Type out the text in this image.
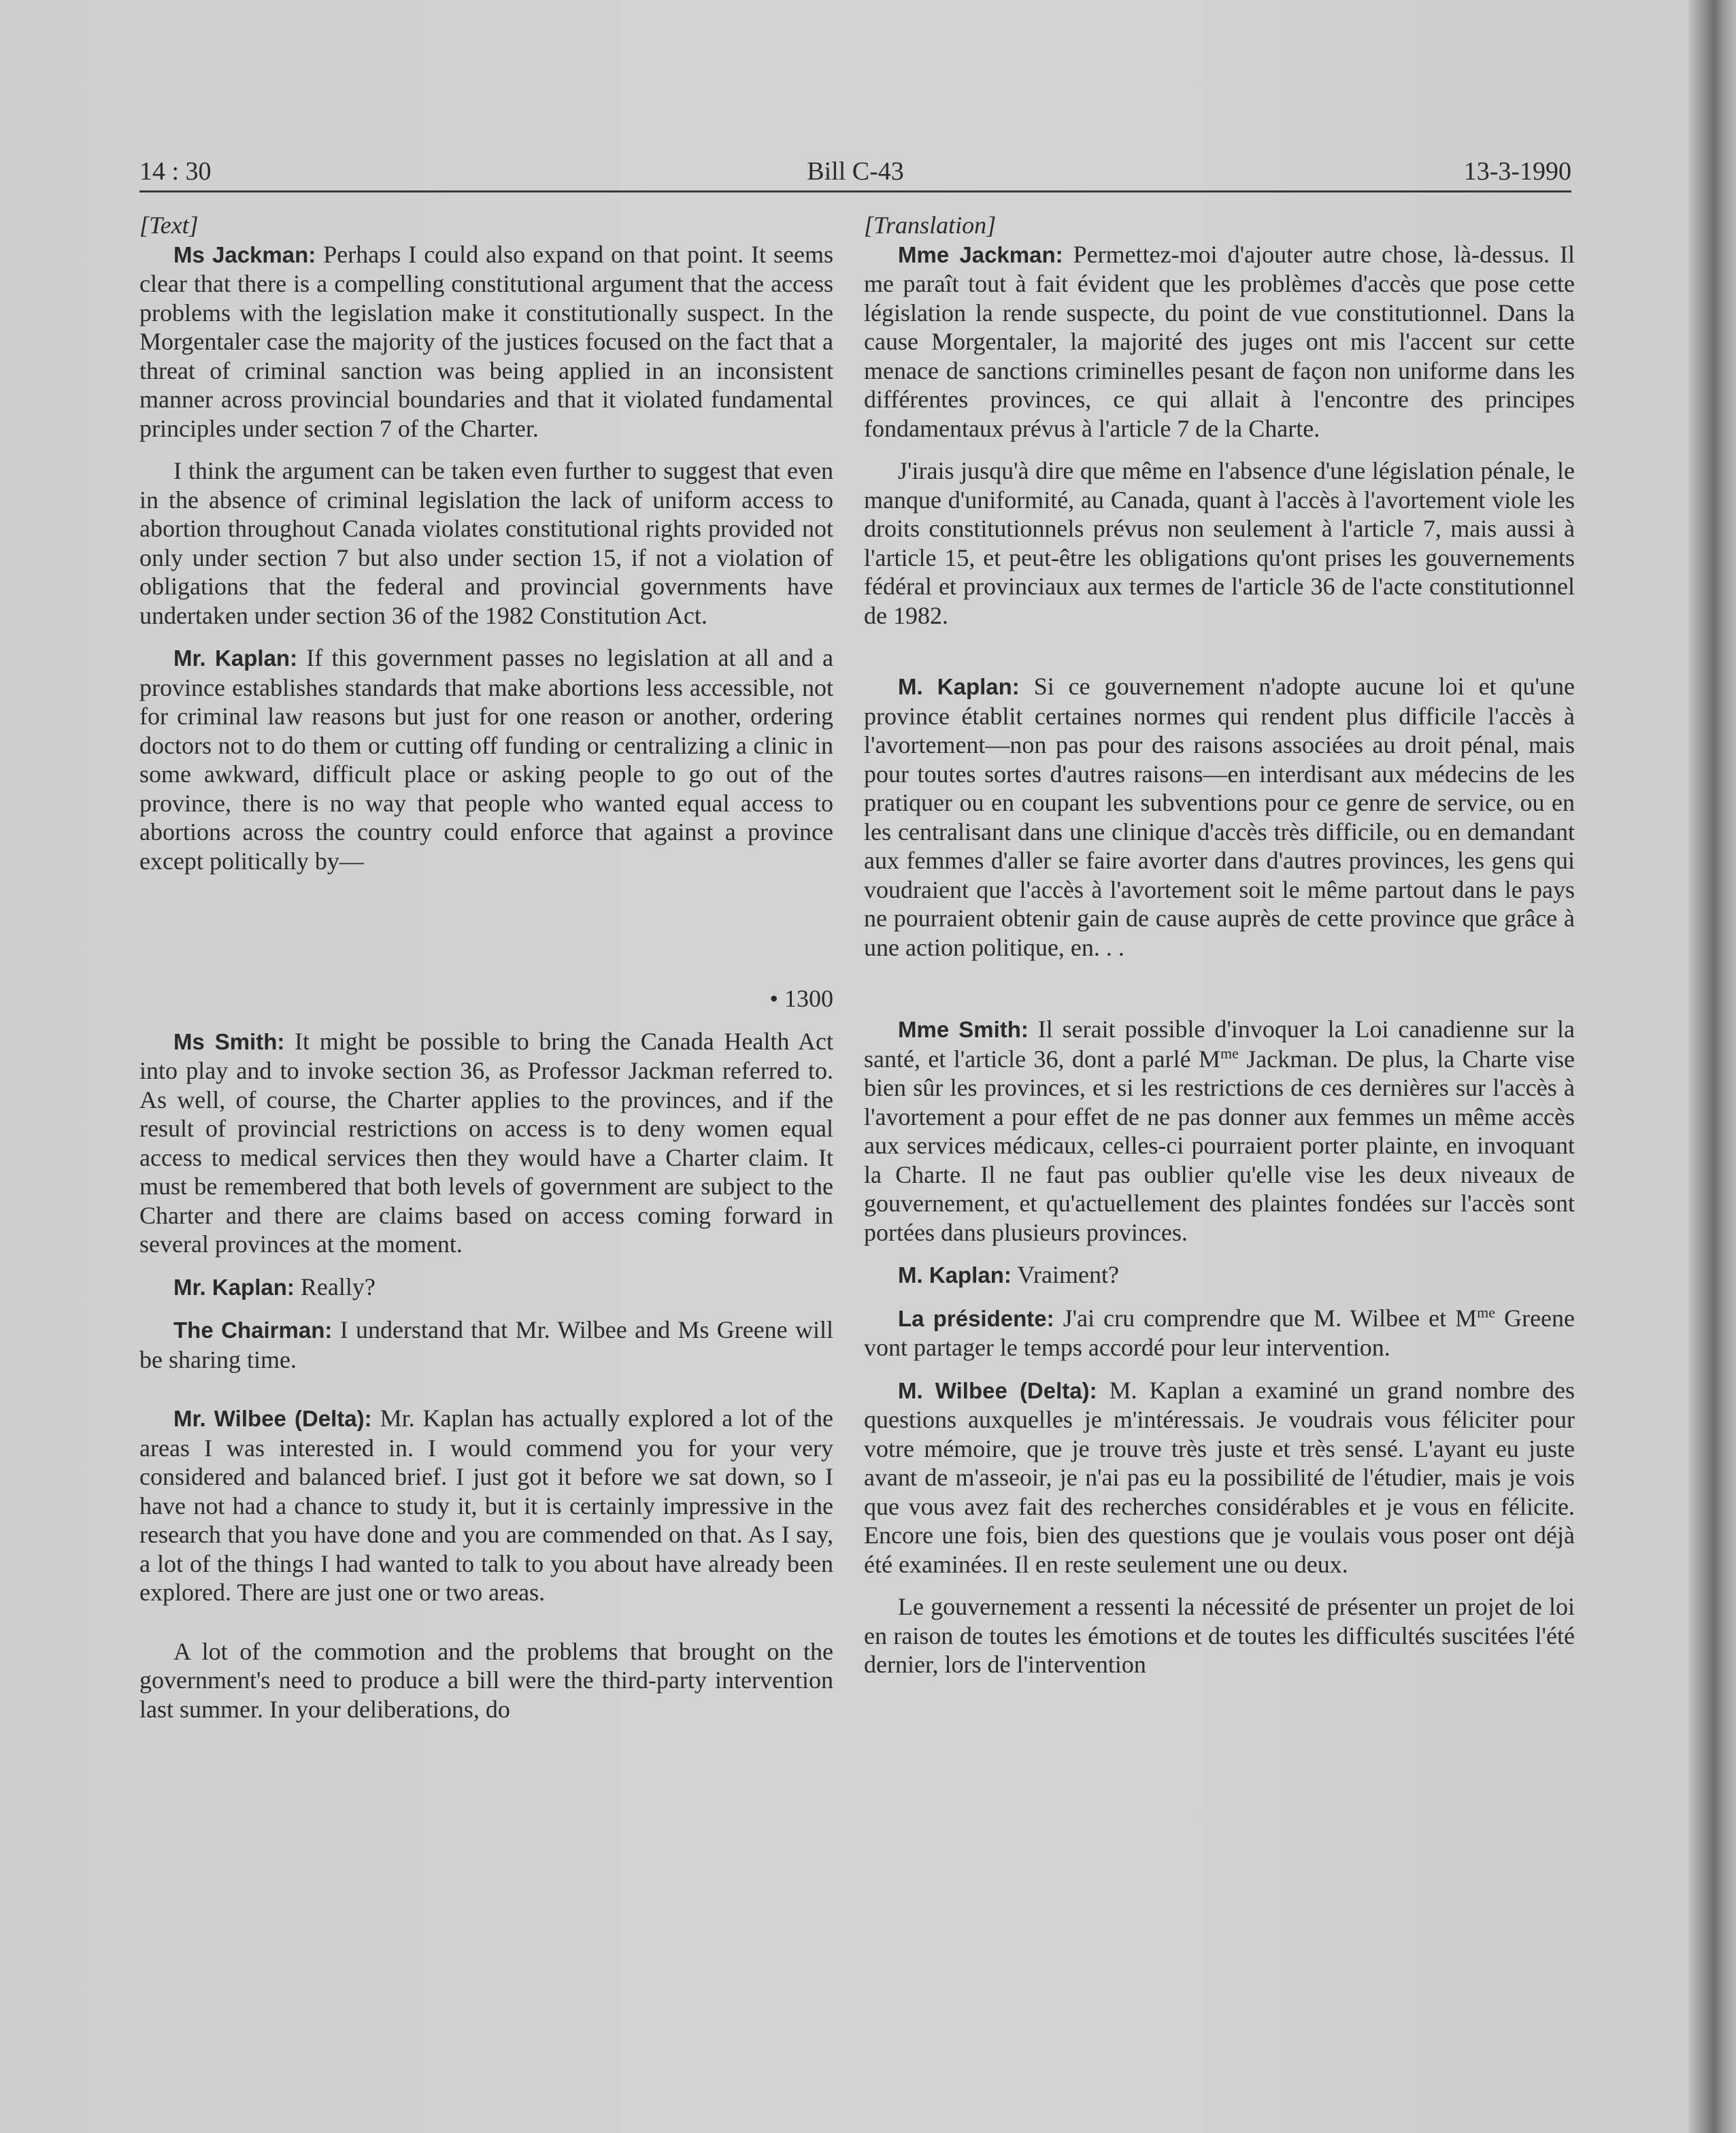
14 : 30	Bill C-43	13-3-1990

[Text]

Ms Jackman: Perhaps I could also expand on that point. It seems clear that there is a compelling constitutional argument that the access problems with the legislation make it constitutionally suspect. In the Morgentaler case the majority of the justices focused on the fact that a threat of criminal sanction was being applied in an inconsistent manner across provincial boundaries and that it violated fundamental principles under section 7 of the Charter.

I think the argument can be taken even further to suggest that even in the absence of criminal legislation the lack of uniform access to abortion throughout Canada violates constitutional rights provided not only under section 7 but also under section 15, if not a violation of obligations that the federal and provincial governments have undertaken under section 36 of the 1982 Constitution Act.

Mr. Kaplan: If this government passes no legislation at all and a province establishes standards that make abortions less accessible, not for criminal law reasons but just for one reason or another, ordering doctors not to do them or cutting off funding or centralizing a clinic in some awkward, difficult place or asking people to go out of the province, there is no way that people who wanted equal access to abortions across the country could enforce that against a province except politically by—

• 1300

Ms Smith: It might be possible to bring the Canada Health Act into play and to invoke section 36, as Professor Jackman referred to. As well, of course, the Charter applies to the provinces, and if the result of provincial restrictions on access is to deny women equal access to medical services then they would have a Charter claim. It must be remembered that both levels of government are subject to the Charter and there are claims based on access coming forward in several provinces at the moment.

Mr. Kaplan: Really?

The Chairman: I understand that Mr. Wilbee and Ms Greene will be sharing time.

Mr. Wilbee (Delta): Mr. Kaplan has actually explored a lot of the areas I was interested in. I would commend you for your very considered and balanced brief. I just got it before we sat down, so I have not had a chance to study it, but it is certainly impressive in the research that you have done and you are commended on that. As I say, a lot of the things I had wanted to talk to you about have already been explored. There are just one or two areas.

A lot of the commotion and the problems that brought on the government's need to produce a bill were the third-party intervention last summer. In your deliberations, do

[Translation]

Mme Jackman: Permettez-moi d'ajouter autre chose, là-dessus. Il me paraît tout à fait évident que les problèmes d'accès que pose cette législation la rende suspecte, du point de vue constitutionnel. Dans la cause Morgentaler, la majorité des juges ont mis l'accent sur cette menace de sanctions criminelles pesant de façon non uniforme dans les différentes provinces, ce qui allait à l'encontre des principes fondamentaux prévus à l'article 7 de la Charte.

J'irais jusqu'à dire que même en l'absence d'une législation pénale, le manque d'uniformité, au Canada, quant à l'accès à l'avortement viole les droits constitutionnels prévus non seulement à l'article 7, mais aussi à l'article 15, et peut-être les obligations qu'ont prises les gouvernements fédéral et provinciaux aux termes de l'article 36 de l'acte constitutionnel de 1982.

M. Kaplan: Si ce gouvernement n'adopte aucune loi et qu'une province établit certaines normes qui rendent plus difficile l'accès à l'avortement—non pas pour des raisons associées au droit pénal, mais pour toutes sortes d'autres raisons—en interdisant aux médecins de les pratiquer ou en coupant les subventions pour ce genre de service, ou en les centralisant dans une clinique d'accès très difficile, ou en demandant aux femmes d'aller se faire avorter dans d'autres provinces, les gens qui voudraient que l'accès à l'avortement soit le même partout dans le pays ne pourraient obtenir gain de cause auprès de cette province que grâce à une action politique, en. . .

Mme Smith: Il serait possible d'invoquer la Loi canadienne sur la santé, et l'article 36, dont a parlé $M^{me}$ Jackman. De plus, la Charte vise bien sûr les provinces, et si les restrictions de ces dernières sur l'accès à l'avortement a pour effet de ne pas donner aux femmes un même accès aux services médicaux, celles-ci pourraient porter plainte, en invoquant la Charte. Il ne faut pas oublier qu'elle vise les deux niveaux de gouvernement, et qu'actuellement des plaintes fondées sur l'accès sont portées dans plusieurs provinces.

M. Kaplan: Vraiment?

La présidente: J'ai cru comprendre que M. Wilbee et $M^{me}$ Greene vont partager le temps accordé pour leur intervention.

M. Wilbee (Delta): M. Kaplan a examiné un grand nombre des questions auxquelles je m'intéressais. Je voudrais vous féliciter pour votre mémoire, que je trouve très juste et très sensé. L'ayant eu juste avant de m'asseoir, je n'ai pas eu la possibilité de l'étudier, mais je vois que vous avez fait des recherches considérables et je vous en félicite. Encore une fois, bien des questions que je voulais vous poser ont déjà été examinées. Il en reste seulement une ou deux.

Le gouvernement a ressenti la nécessité de présenter un projet de loi en raison de toutes les émotions et de toutes les difficultés suscitées l'été dernier, lors de l'intervention
